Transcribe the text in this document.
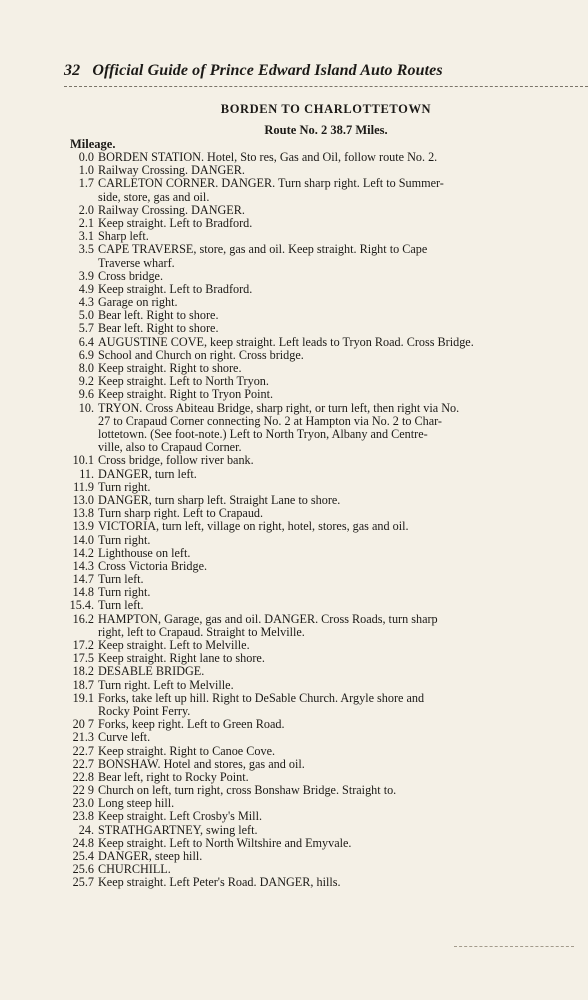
32 Official Guide of Prince Edward Island Auto Routes
BORDEN TO CHARLOTTETOWN
Route No. 2 38.7 Miles.
Mileage.
0.0 BORDEN STATION. Hotel, Sto res, Gas and Oil, follow route No. 2.
1.0 Railway Crossing. DANGER.
1.7 CARLETON CORNER. DANGER. Turn sharp right. Left to Summer-
side, store, gas and oil.
2.0 Railway Crossing. DANGER.
2.1 Keep straight. Left to Bradford.
3.1 Sharp left.
3.5 CAPE TRAVERSE, store, gas and oil. Keep straight. Right to Cape
Traverse wharf.
3.9 Cross bridge.
4.9 Keep straight. Left to Bradford.
4.3 Garage on right.
5.0 Bear left. Right to shore.
5.7 Bear left. Right to shore.
6.4 AUGUSTINE COVE, keep straight. Left leads to Tryon Road. Cross Bridge.
6.9 School and Church on right. Cross bridge.
8.0 Keep straight. Right to shore.
9.2 Keep straight. Left to North Tryon.
9.6 Keep straight. Right to Tryon Point.
10. TRYON. Cross Abiteau Bridge, sharp right, or turn left, then right via No.
27 to Crapaud Corner connecting No. 2 at Hampton via No. 2 to Char-
lottetown. (See foot-note.) Left to North Tryon, Albany and Centre-
ville, also to Crapaud Corner.
10.1 Cross bridge, follow river bank.
11. DANGER, turn left.
11.9 Turn right.
13.0 DANGER, turn sharp left. Straight Lane to shore.
13.8 Turn sharp right. Left to Crapaud.
13.9 VICTORIA, turn left, village on right, hotel, stores, gas and oil.
14.0 Turn right.
14.2 Lighthouse on left.
14.3 Cross Victoria Bridge.
14.7 Turn left.
14.8 Turn right.
15.4. Turn left.
16.2 HAMPTON, Garage, gas and oil. DANGER. Cross Roads, turn sharp
right, left to Crapaud. Straight to Melville.
17.2 Keep straight. Left to Melville.
17.5 Keep straight. Right lane to shore.
18.2 DESABLE BRIDGE.
18.7 Turn right. Left to Melville.
19.1 Forks, take left up hill. Right to DeSable Church. Argyle shore and
Rocky Point Ferry.
20 7 Forks, keep right. Left to Green Road.
21.3 Curve left.
22.7 Keep straight. Right to Canoe Cove.
22.7 BONSHAW. Hotel and stores, gas and oil.
22.8 Bear left, right to Rocky Point.
22 9 Church on left, turn right, cross Bonshaw Bridge. Straight to.
23.0 Long steep hill.
23.8 Keep straight. Left Crosby's Mill.
24. STRATHGARTNEY, swing left.
24.8 Keep straight. Left to North Wiltshire and Emyvale.
25.4 DANGER, steep hill.
25.6 CHURCHILL.
25.7 Keep straight. Left Peter's Road. DANGER, hills.
